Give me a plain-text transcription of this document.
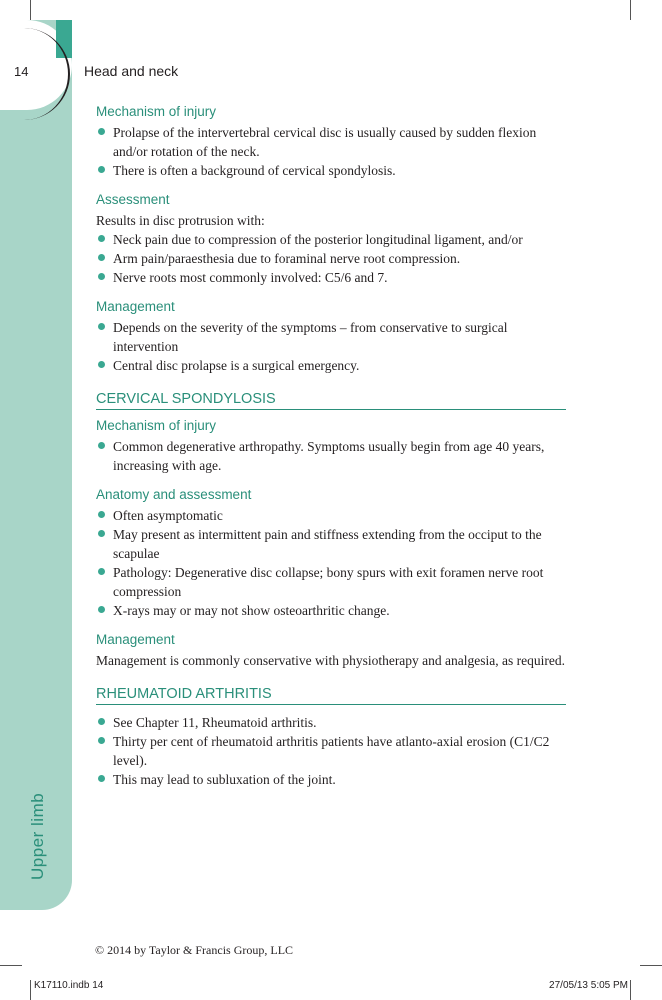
14	Head and neck
Upper limb
Mechanism of injury
Prolapse of the intervertebral cervical disc is usually caused by sudden flexion and/or rotation of the neck.
There is often a background of cervical spondylosis.
Assessment

Results in disc protrusion with:

Neck pain due to compression of the posterior longitudinal ligament, and/or
Arm pain/paraesthesia due to foraminal nerve root compression.
Nerve roots most commonly involved: C5/6 and 7.
Management
Depends on the severity of the symptoms – from conservative to surgical intervention
Central disc prolapse is a surgical emergency.
CERVICAL SPONDYLOSIS
Mechanism of injury
Common degenerative arthropathy. Symptoms usually begin from age 40 years, increasing with age.
Anatomy and assessment
Often asymptomatic
May present as intermittent pain and stiffness extending from the occiput to the scapulae
Pathology: Degenerative disc collapse; bony spurs with exit foramen nerve root compression
X-rays may or may not show osteoarthritic change.
Management

Management is commonly conservative with physiotherapy and analgesia, as required.

RHEUMATOID ARTHRITIS
See Chapter 11, Rheumatoid arthritis.
Thirty per cent of rheumatoid arthritis patients have atlanto-axial erosion (C1/C2 level).
This may lead to subluxation of the joint.
© 2014 by Taylor & Francis Group, LLC
K17110.indb 14	27/05/13 5:05 PM
